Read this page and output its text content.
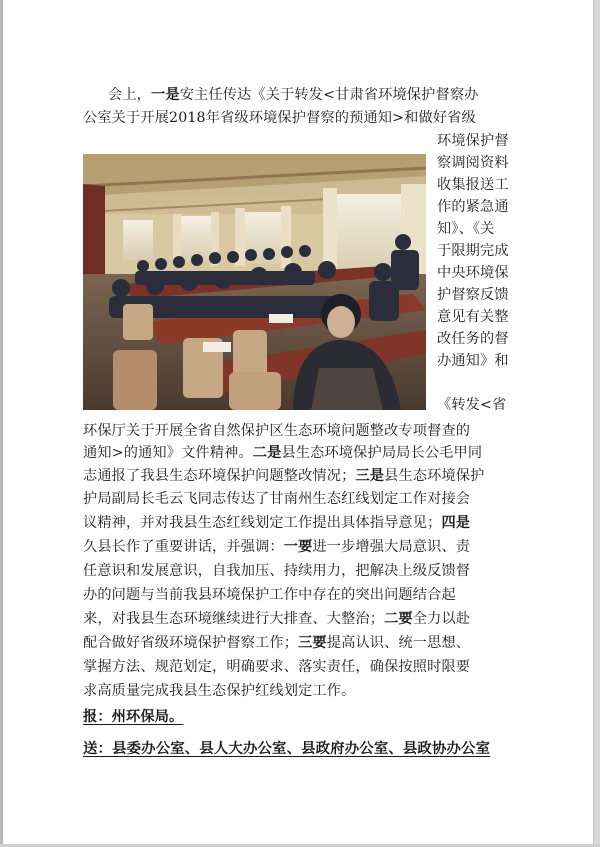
会上，一是安主任传达《关于转发<甘肃省环境保护督察办
公室关于开展2018年省级环境保护督察的预通知>和做好省级
环境保护督
察调阅资料
收集报送工
作的紧急通
知》、《关
于限期完成
中央环境保
护督察反馈
意见有关整
改任务的督
办通知》和
《转发<省
环保厅关于开展全省自然保护区生态环境问题整改专项督查的
通知>的通知》文件精神。二是县生态环境保护局局长公毛甲同
志通报了我县生态环境保护问题整改情况；三是县生态环境保护
护局副局长毛云飞同志传达了甘南州生态红线划定工作对接会
议精神，并对我县生态红线划定工作提出具体指导意见；四是
久县长作了重要讲话，并强调：一要进一步增强大局意识、责
任意识和发展意识，自我加压、持续用力，把解决上级反馈督
办的问题与当前我县环境保护工作中存在的突出问题结合起
来，对我县生态环境继续进行大排查、大整治；二要全力以赴
配合做好省级环境保护督察工作；三要提高认识、统一思想、
掌握方法、规范划定，明确要求、落实责任，确保按照时限要
求高质量完成我县生态保护红线划定工作。
报：州环保局。
送：县委办公室、县人大办公室、县政府办公室、县政协办公室
